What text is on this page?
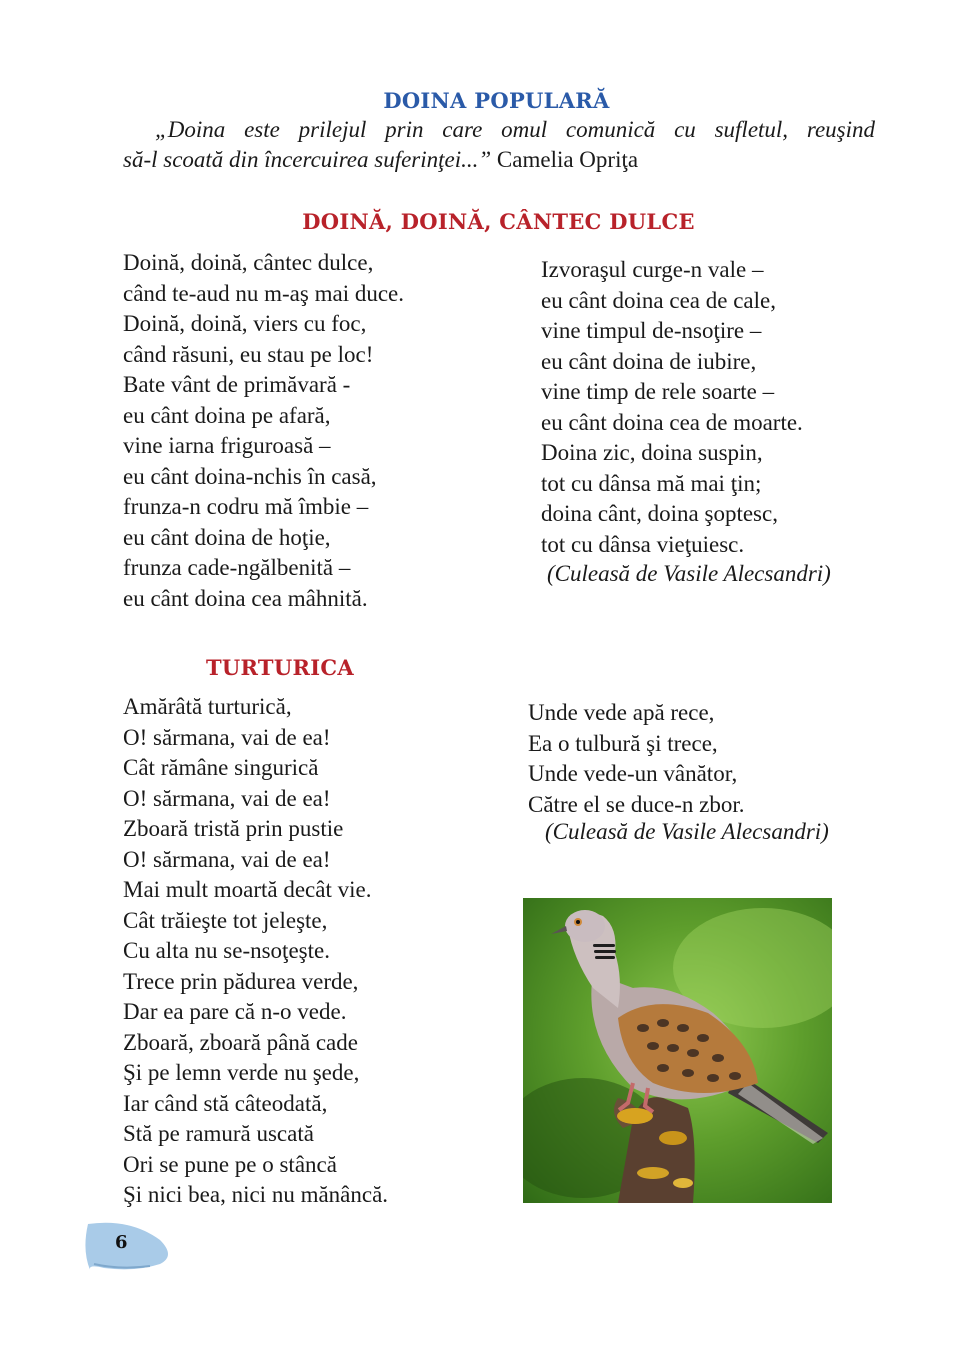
DOINA POPULARĂ
„Doina este prilejul prin care omul comunică cu sufletul, reuşind
să-l scoată din încercuirea suferinţei...” Camelia Opriţa
DOINĂ, DOINĂ, CÂNTEC DULCE
Doină, doină, cântec dulce,
când te-aud nu m-aş mai duce.
Doină, doină, viers cu foc,
când răsuni, eu stau pe loc!
Bate vânt de primăvară -
eu cânt doina pe afară,
vine iarna friguroasă –
eu cânt doina-nchis în casă,
frunza-n codru mă îmbie –
eu cânt doina de hoţie,
frunza cade-ngălbenită –
eu cânt doina cea mâhnită.
Izvoraşul curge-n vale –
eu cânt doina cea de cale,
vine timpul de-nsoţire –
eu cânt doina de iubire,
vine timp de rele soarte –
eu cânt doina cea de moarte.
Doina zic, doina suspin,
tot cu dânsa mă mai ţin;
doina cânt, doina şoptesc,
tot cu dânsa vieţuiesc.
(Culeasă de Vasile Alecsandri)
TURTURICA
Amărâtă turturică,
O! sărmana, vai de ea!
Cât rămâne singurică
O! sărmana, vai de ea!
Zboară tristă prin pustie
O! sărmana, vai de ea!
Mai mult moartă decât vie.
Cât trăieşte tot jeleşte,
Cu alta nu se-nsoţeşte.
Trece prin pădurea verde,
Dar ea pare că n-o vede.
Zboară, zboară până cade
Şi pe lemn verde nu şede,
Iar când stă câteodată,
Stă pe ramură uscată
Ori se pune pe o stâncă
Şi nici bea, nici nu mănâncă.
Unde vede apă rece,
Ea o tulbură şi trece,
Unde vede-un vânător,
Către el se duce-n zbor.
(Culeasă de Vasile Alecsandri)
6
